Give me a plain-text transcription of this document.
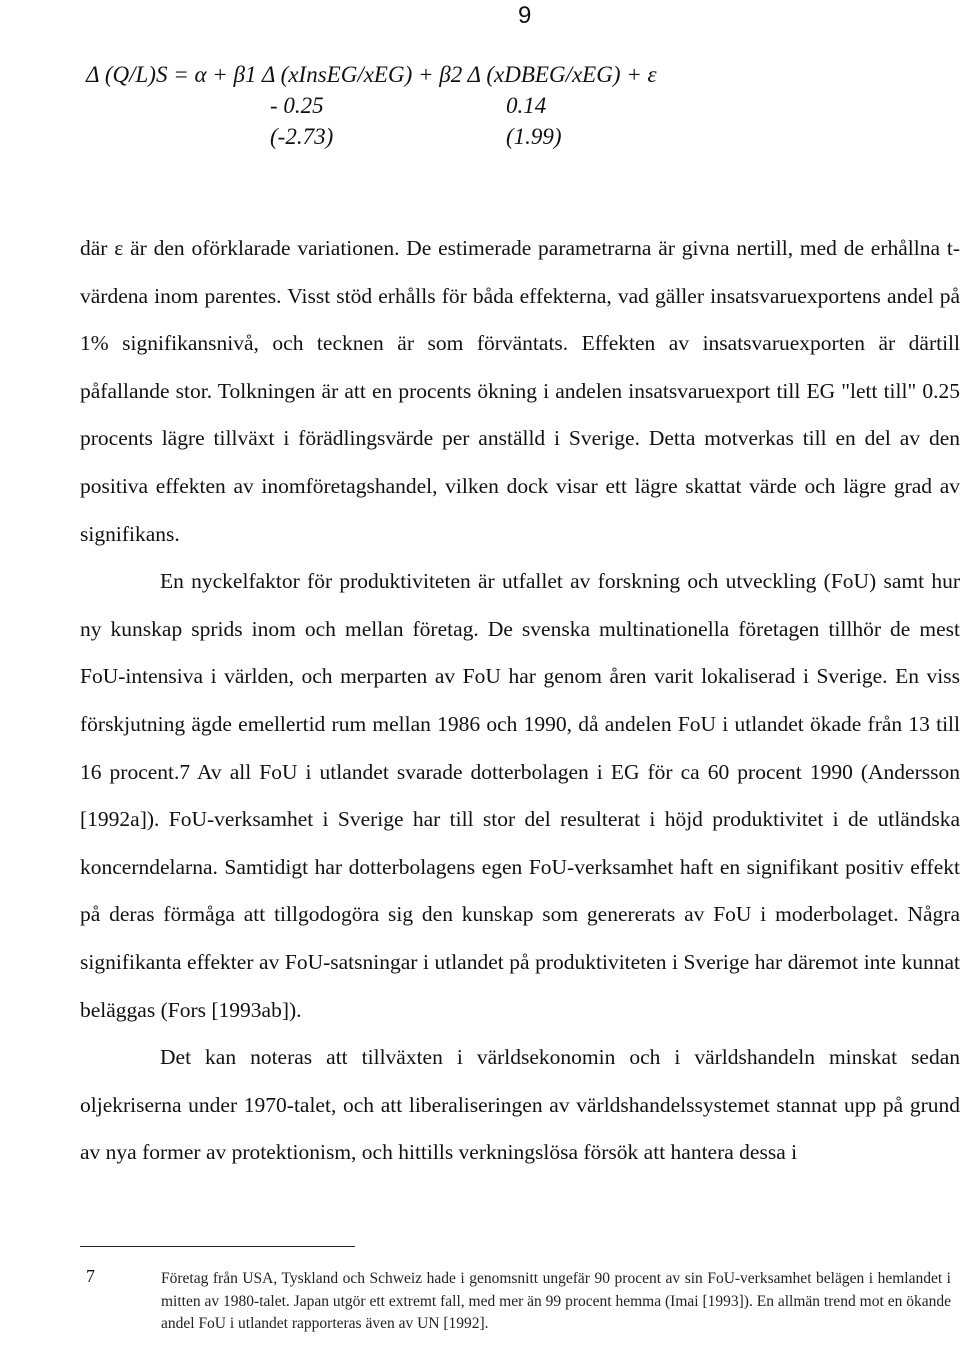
9
Δ (Q/L)S = α + β1 Δ (xInsEG/xEG) + β2 Δ (xDBEG/xEG) + ε
- 0.25	0.14
(-2.73)	(1.99)

där ε är den oförklarade variationen. De estimerade parametrarna är givna nertill, med de erhållna t-värdena inom parentes. Visst stöd erhålls för båda effekterna, vad gäller insatsvaruexportens andel på 1% signifikansnivå, och tecknen är som förväntats. Effekten av insatsvaruexporten är därtill påfallande stor. Tolkningen är att en procents ökning i andelen insatsvaruexport till EG "lett till" 0.25 procents lägre tillväxt i förädlingsvärde per anställd i Sverige. Detta motverkas till en del av den positiva effekten av inomföretagshandel, vilken dock visar ett lägre skattat värde och lägre grad av signifikans.

En nyckelfaktor för produktiviteten är utfallet av forskning och utveckling (FoU) samt hur ny kunskap sprids inom och mellan företag. De svenska multinationella företagen tillhör de mest FoU-intensiva i världen, och merparten av FoU har genom åren varit lokaliserad i Sverige. En viss förskjutning ägde emellertid rum mellan 1986 och 1990, då andelen FoU i utlandet ökade från 13 till 16 procent.7 Av all FoU i utlandet svarade dotterbolagen i EG för ca 60 procent 1990 (Andersson [1992a]). FoU-verksamhet i Sverige har till stor del resulterat i höjd produktivitet i de utländska koncerndelarna. Samtidigt har dotterbolagens egen FoU-verksamhet haft en signifikant positiv effekt på deras förmåga att tillgodogöra sig den kunskap som genererats av FoU i moderbolaget. Några signifikanta effekter av FoU-satsningar i utlandet på produktiviteten i Sverige har däremot inte kunnat beläggas (Fors [1993ab]).

Det kan noteras att tillväxten i världsekonomin och i världshandeln minskat sedan oljekriserna under 1970-talet, och att liberaliseringen av världshandelssystemet stannat upp på grund av nya former av protektionism, och hittills verkningslösa försök att hantera dessa i

7	Företag från USA, Tyskland och Schweiz hade i genomsnitt ungefär 90 procent av sin FoU-verksamhet belägen i hemlandet i mitten av 1980-talet. Japan utgör ett extremt fall, med mer än 99 procent hemma (Imai [1993]). En allmän trend mot en ökande andel FoU i utlandet rapporteras även av UN [1992].
